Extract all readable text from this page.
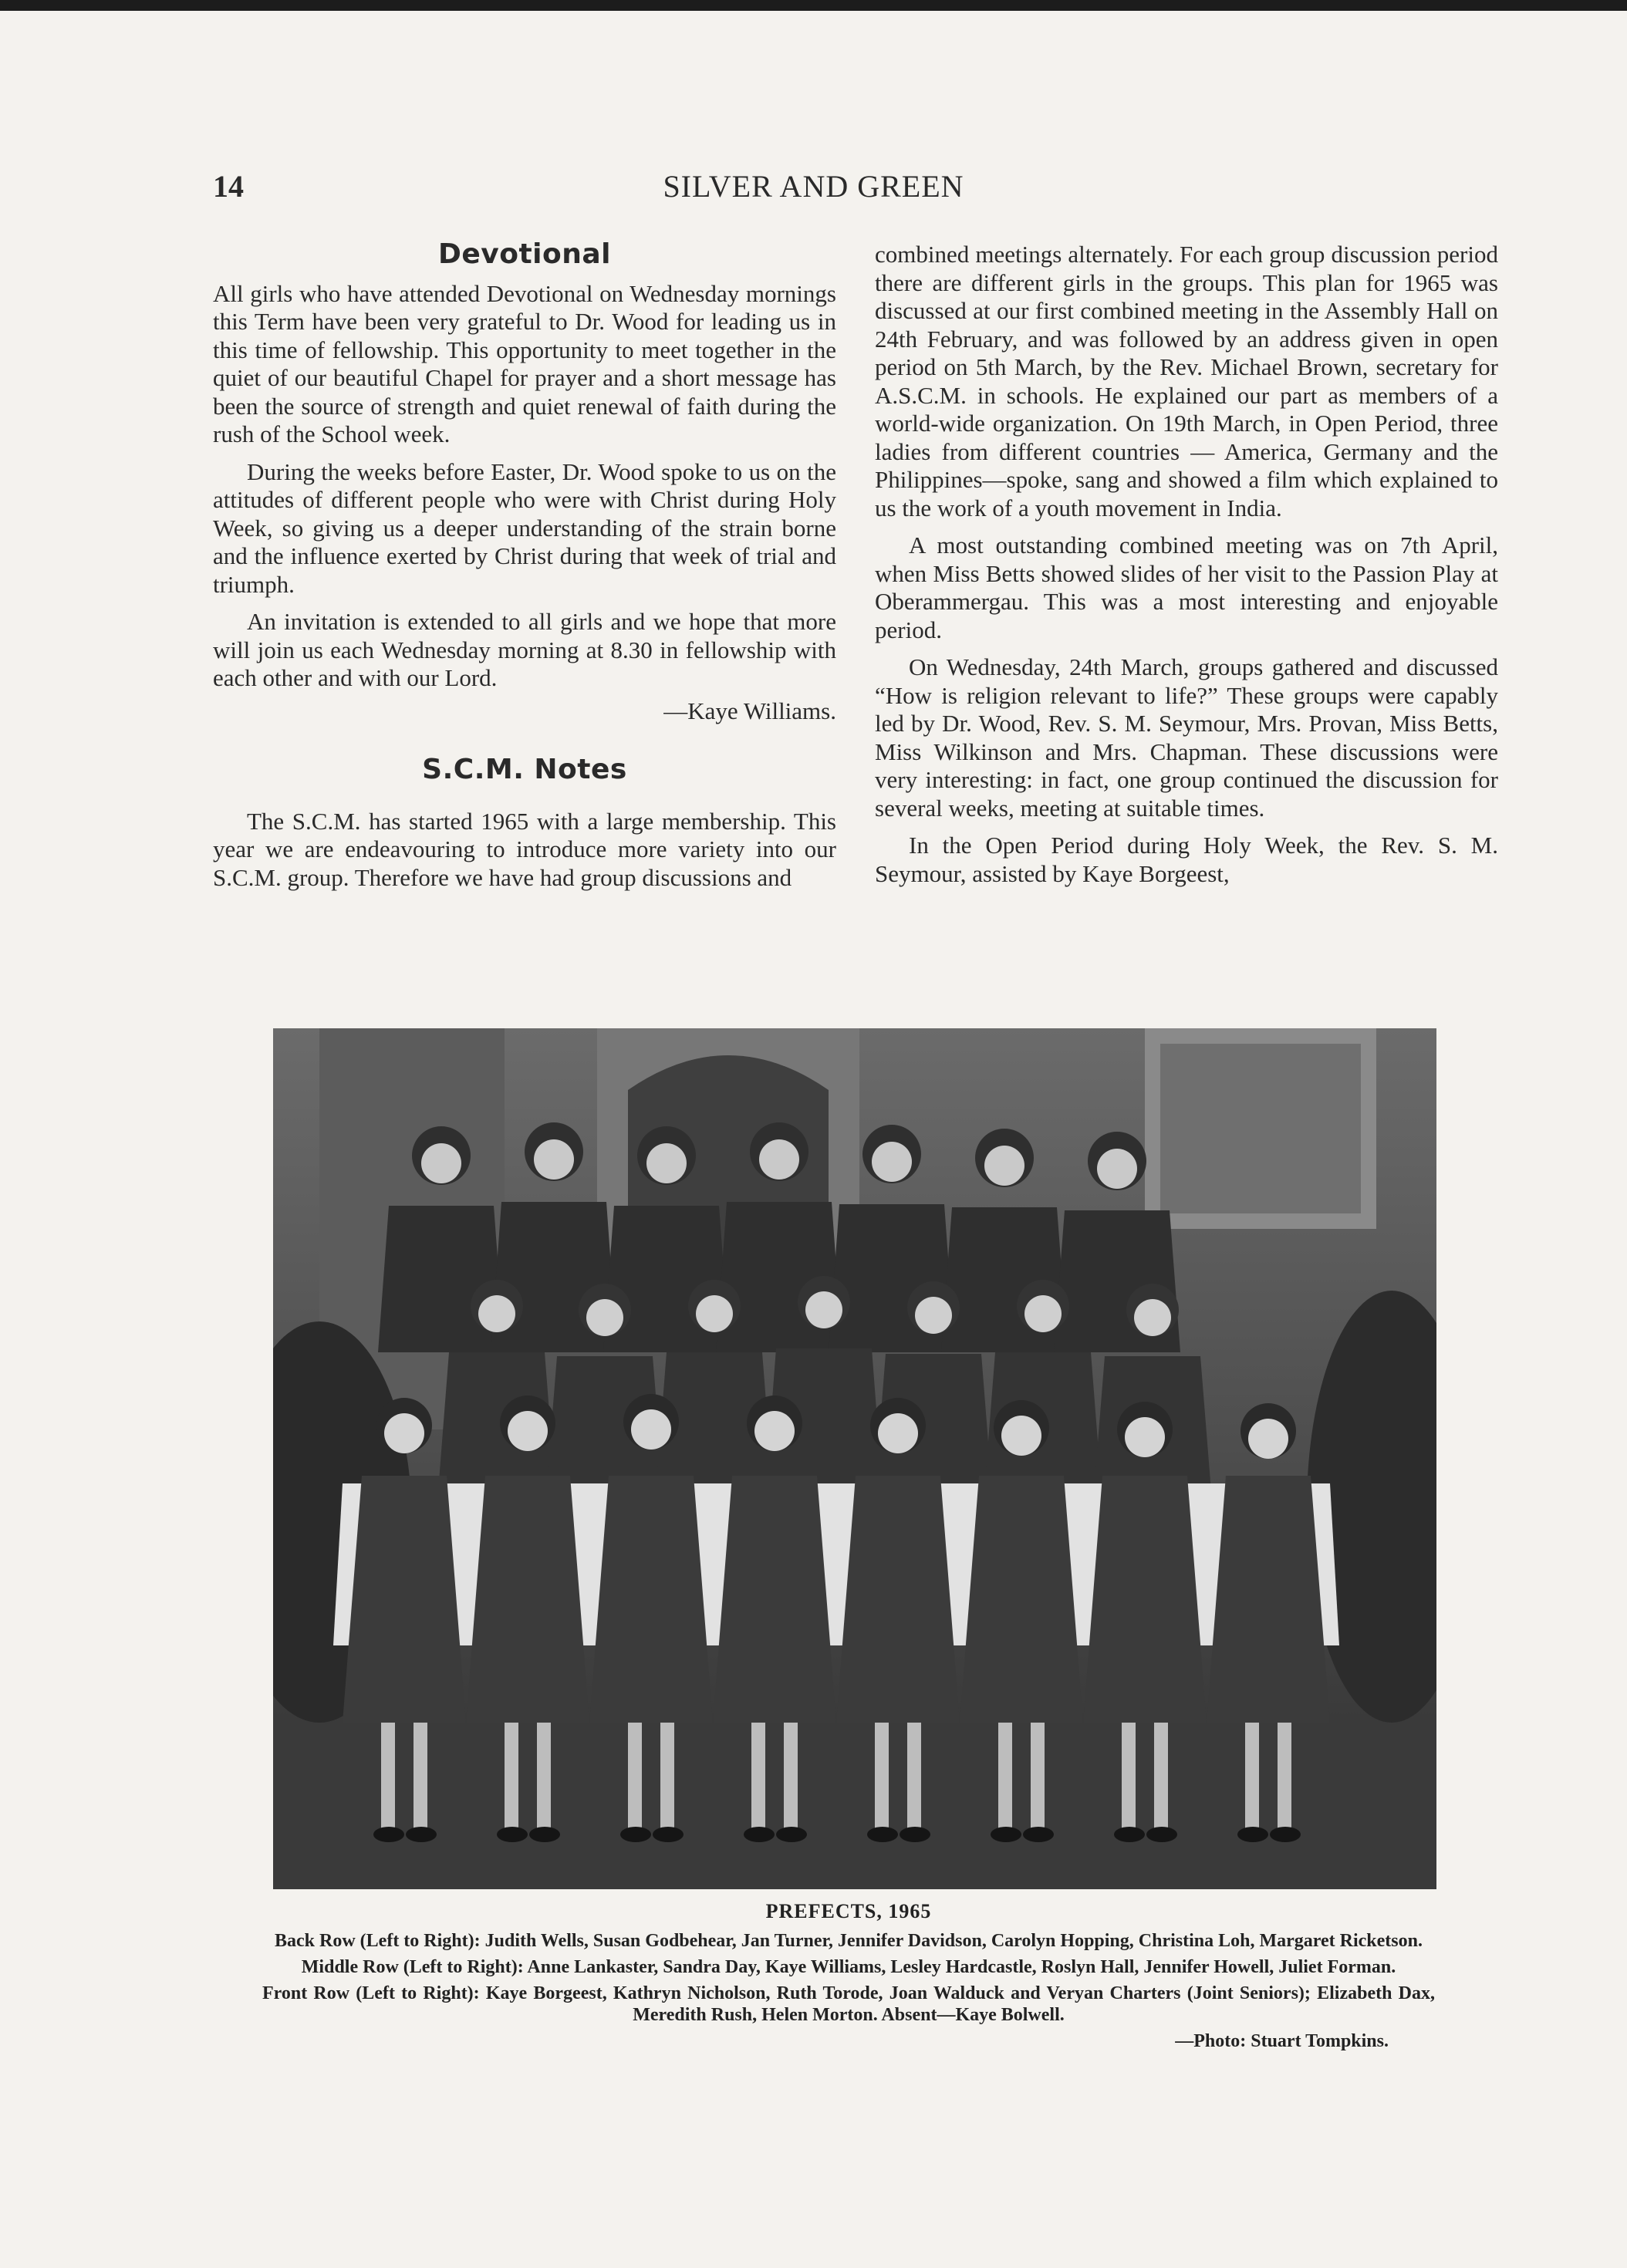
14	SILVER AND GREEN
Devotional

All girls who have attended Devotional on Wednesday mornings this Term have been very grateful to Dr. Wood for leading us in this time of fellowship. This opportunity to meet together in the quiet of our beautiful Chapel for prayer and a short message has been the source of strength and quiet renewal of faith during the rush of the School week.

During the weeks before Easter, Dr. Wood spoke to us on the attitudes of different people who were with Christ during Holy Week, so giving us a deeper understanding of the strain borne and the influence exerted by Christ during that week of trial and triumph.

An invitation is extended to all girls and we hope that more will join us each Wednesday morning at 8.30 in fellowship with each other and with our Lord.

—Kaye Williams.
S.C.M. Notes

The S.C.M. has started 1965 with a large membership. This year we are endeavouring to introduce more variety into our S.C.M. group. Therefore we have had group discussions and

combined meetings alternately. For each group discussion period there are different girls in the groups. This plan for 1965 was discussed at our first combined meeting in the Assembly Hall on 24th February, and was followed by an address given in open period on 5th March, by the Rev. Michael Brown, secretary for A.S.C.M. in schools. He explained our part as members of a world-wide organization. On 19th March, in Open Period, three ladies from different countries — America, Germany and the Philippines—spoke, sang and showed a film which explained to us the work of a youth movement in India.

A most outstanding combined meeting was on 7th April, when Miss Betts showed slides of her visit to the Passion Play at Oberammergau. This was a most interesting and enjoyable period.

On Wednesday, 24th March, groups gathered and discussed “How is religion relevant to life?” These groups were capably led by Dr. Wood, Rev. S. M. Seymour, Mrs. Provan, Miss Betts, Miss Wilkinson and Mrs. Chapman. These discussions were very interesting: in fact, one group continued the discussion for several weeks, meeting at suitable times.

In the Open Period during Holy Week, the Rev. S. M. Seymour, assisted by Kaye Borgeest,

PREFECTS, 1965
Back Row (Left to Right): Judith Wells, Susan Godbehear, Jan Turner, Jennifer Davidson, Carolyn Hopping, Christina Loh, Margaret Ricketson.
Middle Row (Left to Right): Anne Lankaster, Sandra Day, Kaye Williams, Lesley Hardcastle, Roslyn Hall, Jennifer Howell, Juliet Forman.
Front Row (Left to Right): Kaye Borgeest, Kathryn Nicholson, Ruth Torode, Joan Walduck and Veryan Charters (Joint Seniors); Elizabeth Dax, Meredith Rush, Helen Morton. Absent—Kaye Bolwell.
—Photo: Stuart Tompkins.
